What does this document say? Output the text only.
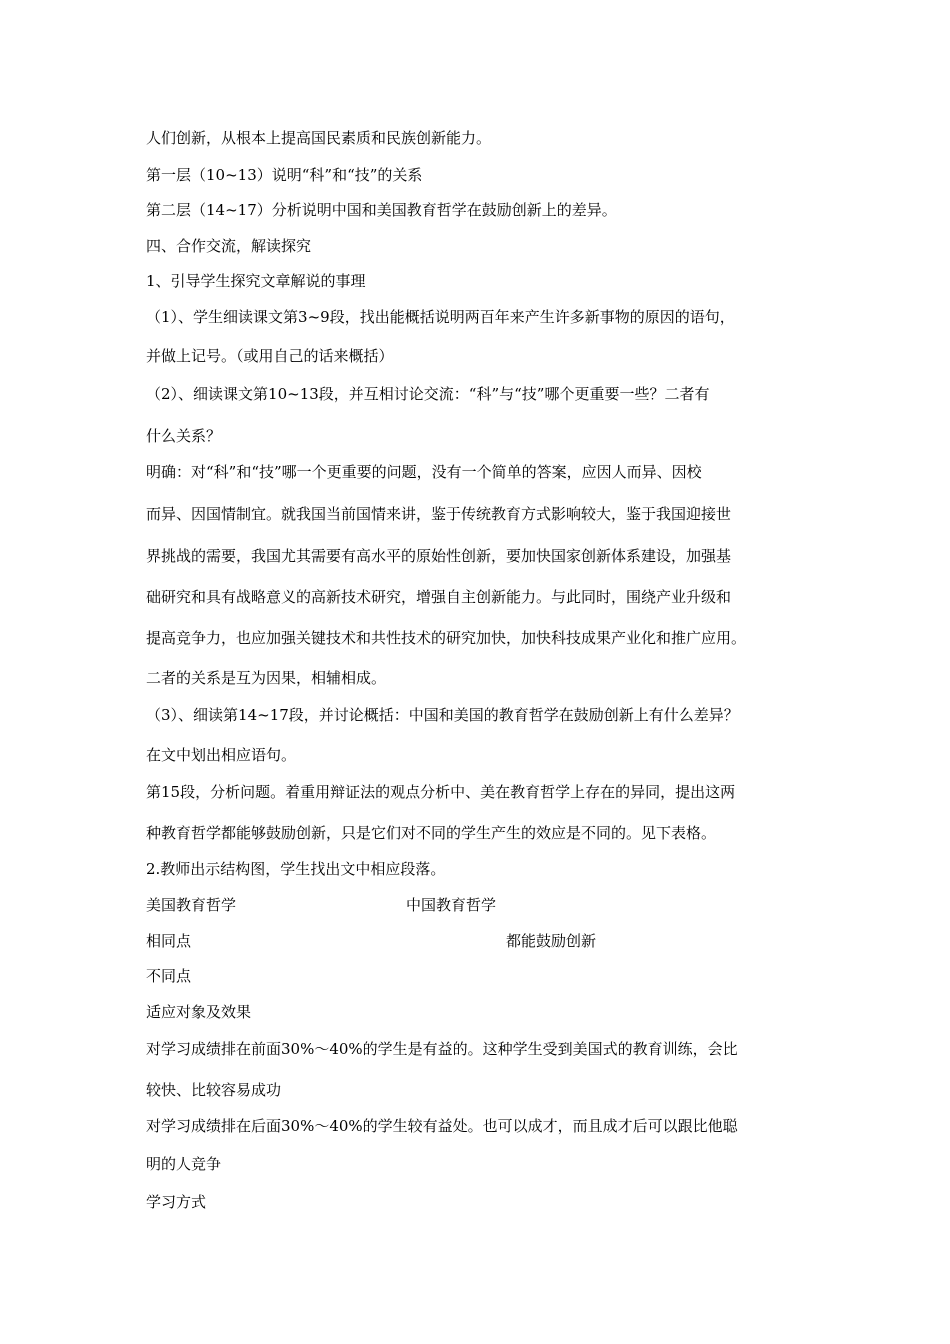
人们创新，从根本上提高国民素质和民族创新能力。
第一层（10~13）说明“科”和“技”的关系
第二层（14~17）分析说明中国和美国教育哲学在鼓励创新上的差异。
四、合作交流，解读探究
1、引导学生探究文章解说的事理
（1）、学生细读课文第3~9段，找出能概括说明两百年来产生许多新事物的原因的语句，
并做上记号。（或用自己的话来概括）
（2）、细读课文第10~13段，并互相讨论交流：“科”与“技”哪个更重要一些？二者有
什么关系？
明确：对“科”和“技”哪一个更重要的问题，没有一个简单的答案，应因人而异、因校
而异、因国情制宜。就我国当前国情来讲，鉴于传统教育方式影响较大，鉴于我国迎接世
界挑战的需要，我国尤其需要有高水平的原始性创新，要加快国家创新体系建设，加强基
础研究和具有战略意义的高新技术研究，增强自主创新能力。与此同时，围绕产业升级和
提高竞争力，也应加强关键技术和共性技术的研究加快，加快科技成果产业化和推广应用。
二者的关系是互为因果，相辅相成。
（3）、细读第14~17段，并讨论概括：中国和美国的教育哲学在鼓励创新上有什么差异？
在文中划出相应语句。
第15段，分析问题。着重用辩证法的观点分析中、美在教育哲学上存在的异同，提出这两
种教育哲学都能够鼓励创新，只是它们对不同的学生产生的效应是不同的。见下表格。
2.教师出示结构图，学生找出文中相应段落。
美国教育哲学	中国教育哲学
相同点	都能鼓励创新
不同点
适应对象及效果
对学习成绩排在前面30%～40%的学生是有益的。这种学生受到美国式的教育训练，会比
较快、比较容易成功
对学习成绩排在后面30%～40%的学生较有益处。也可以成才，而且成才后可以跟比他聪
明的人竞争
学习方式
